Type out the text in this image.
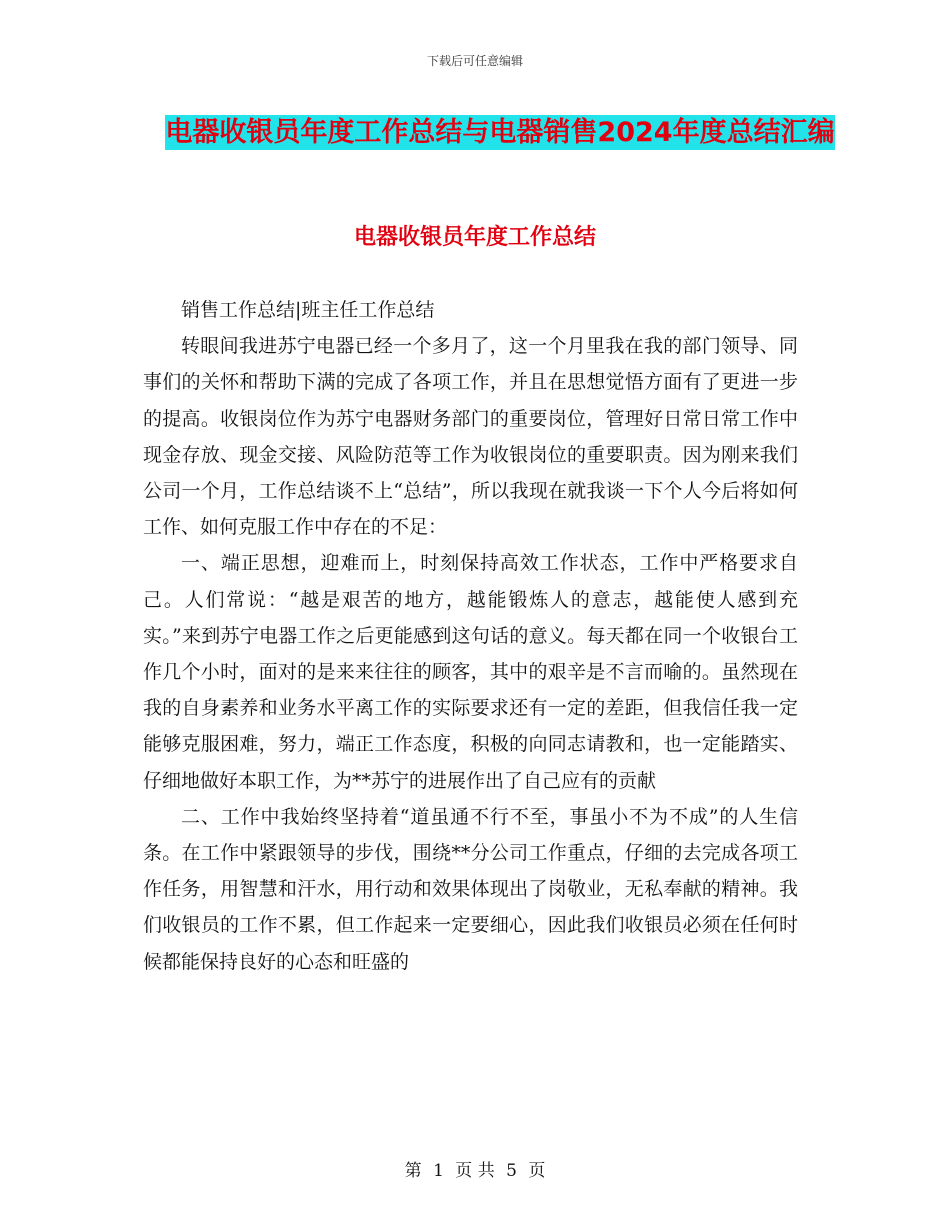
下载后可任意编辑
电器收银员年度工作总结与电器销售2024年度总结汇编
电器收银员年度工作总结

销售工作总结|班主任工作总结

转眼间我进苏宁电器已经一个多月了，这一个月里我在我的部门领导、同事们的关怀和帮助下满的完成了各项工作，并且在思想觉悟方面有了更进一步的提高。收银岗位作为苏宁电器财务部门的重要岗位，管理好日常日常工作中现金存放、现金交接、风险防范等工作为收银岗位的重要职责。因为刚来我们公司一个月，工作总结谈不上“总结”，所以我现在就我谈一下个人今后将如何工作、如何克服工作中存在的不足：

一、端正思想，迎难而上，时刻保持高效工作状态，工作中严格要求自己。人们常说：“越是艰苦的地方，越能锻炼人的意志，越能使人感到充实。”来到苏宁电器工作之后更能感到这句话的意义。每天都在同一个收银台工作几个小时，面对的是来来往往的顾客，其中的艰辛是不言而喻的。虽然现在我的自身素养和业务水平离工作的实际要求还有一定的差距，但我信任我一定能够克服困难，努力，端正工作态度，积极的向同志请教和，也一定能踏实、仔细地做好本职工作，为**苏宁的进展作出了自己应有的贡献

二、工作中我始终坚持着“道虽通不行不至，事虽小不为不成”的人生信条。在工作中紧跟领导的步伐，围绕**分公司工作重点，仔细的去完成各项工作任务，用智慧和汗水，用行动和效果体现出了岗敬业，无私奉献的精神。我们收银员的工作不累，但工作起来一定要细心，因此我们收银员必须在任何时候都能保持良好的心态和旺盛的

第 1 页 共 5 页
